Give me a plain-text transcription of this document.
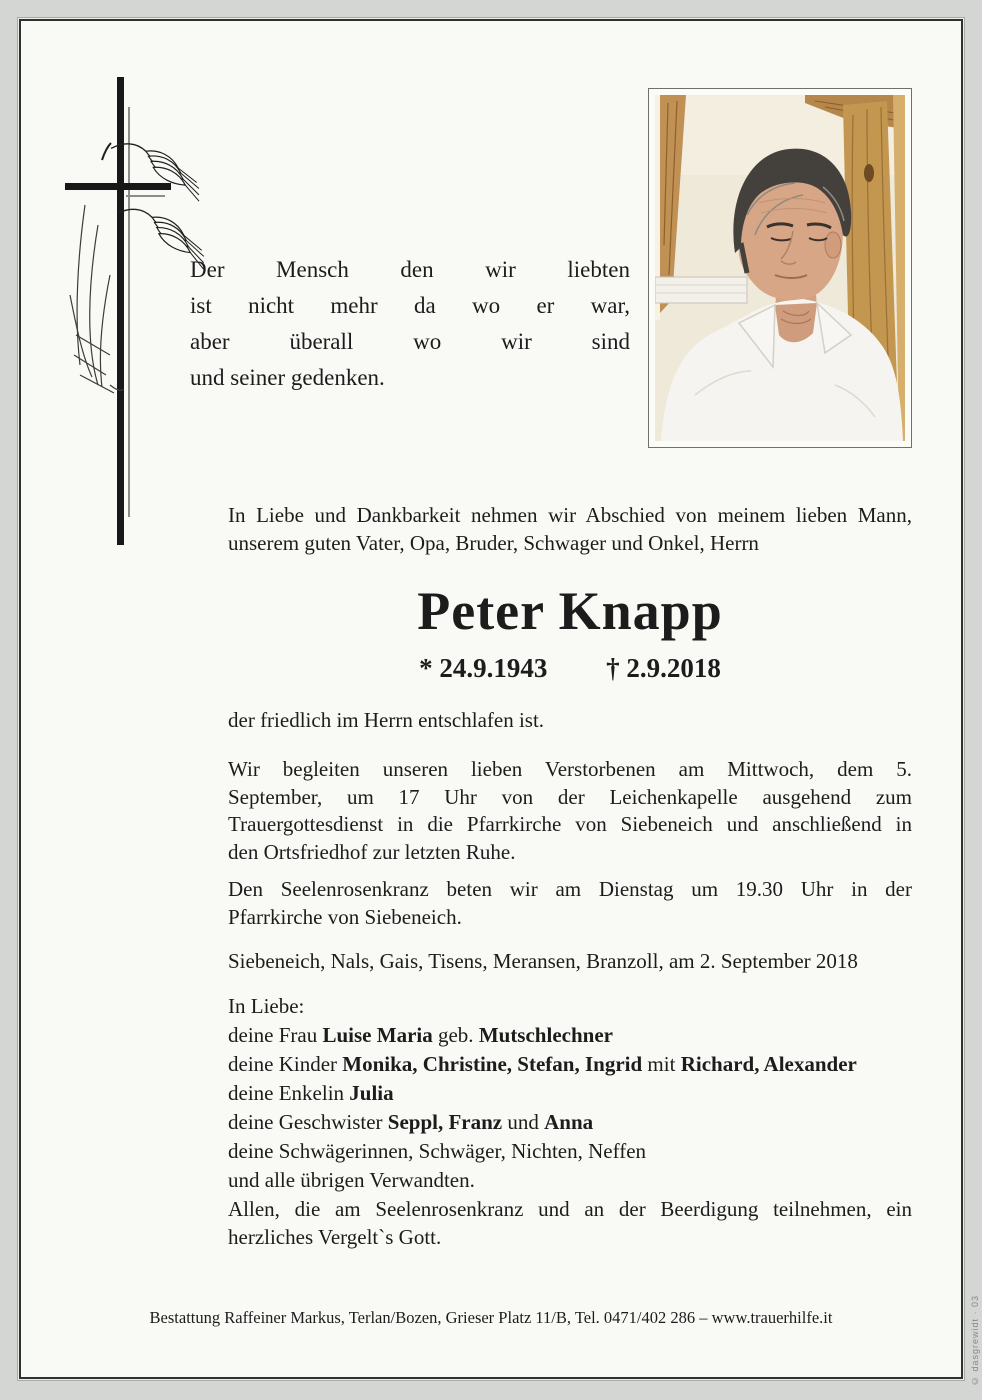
Der Mensch den wir liebten
ist nicht mehr da wo er war,
aber überall wo wir sind
und seiner gedenken.
In Liebe und Dankbarkeit nehmen wir Abschied von meinem lieben Mann,
unserem guten Vater, Opa, Bruder, Schwager und Onkel, Herrn
Peter Knapp
* 24.9.1943 † 2.9.2018
der friedlich im Herrn entschlafen ist.
Wir begleiten unseren lieben Verstorbenen am Mittwoch, dem 5.
September, um 17 Uhr von der Leichenkapelle ausgehend zum
Trauergottesdienst in die Pfarrkirche von Siebeneich und anschließend in
den Ortsfriedhof zur letzten Ruhe.
Den Seelenrosenkranz beten wir am Dienstag um 19.30 Uhr in der
Pfarrkirche von Siebeneich.
Siebeneich, Nals, Gais, Tisens, Meransen, Branzoll, am 2. September 2018
In Liebe:
deine Frau Luise Maria geb. Mutschlechner
deine Kinder Monika, Christine, Stefan, Ingrid mit Richard, Alexander
deine Enkelin Julia
deine Geschwister Seppl, Franz und Anna
deine Schwägerinnen, Schwäger, Nichten, Neffen
und alle übrigen Verwandten.
Allen, die am Seelenrosenkranz und an der Beerdigung teilnehmen, ein
herzliches Vergelt`s Gott.
Bestattung Raffeiner Markus, Terlan/Bozen, Grieser Platz 11/B, Tel. 0471/402 286 – www.trauerhilfe.it	© dasgrewidt · 03
